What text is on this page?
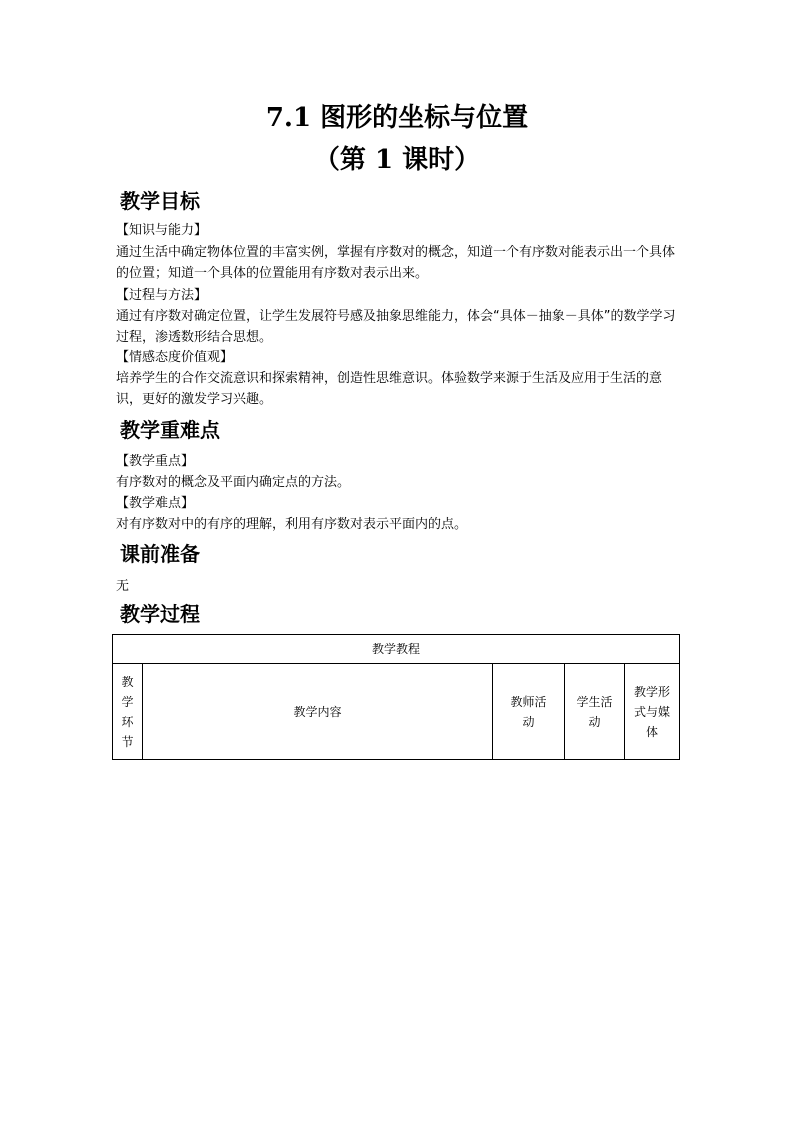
7.1 图形的坐标与位置
（第 1 课时）
教学目标
【知识与能力】
通过生活中确定物体位置的丰富实例，掌握有序数对的概念，知道一个有序数对能表示出一个具体的位置；知道一个具体的位置能用有序数对表示出来。
【过程与方法】
通过有序数对确定位置，让学生发展符号感及抽象思维能力，体会“具体－抽象－具体”的数学学习过程，渗透数形结合思想。
【情感态度价值观】
培养学生的合作交流意识和探索精神，创造性思维意识。体验数学来源于生活及应用于生活的意识，更好的激发学习兴趣。
教学重难点
【教学重点】
有序数对的概念及平面内确定点的方法。
【教学难点】
对有序数对中的有序的理解，利用有序数对表示平面内的点。
课前准备
无
教学过程
教学教程
教学环节
教学内容
教师活动
学生活动
教学形式与媒体
